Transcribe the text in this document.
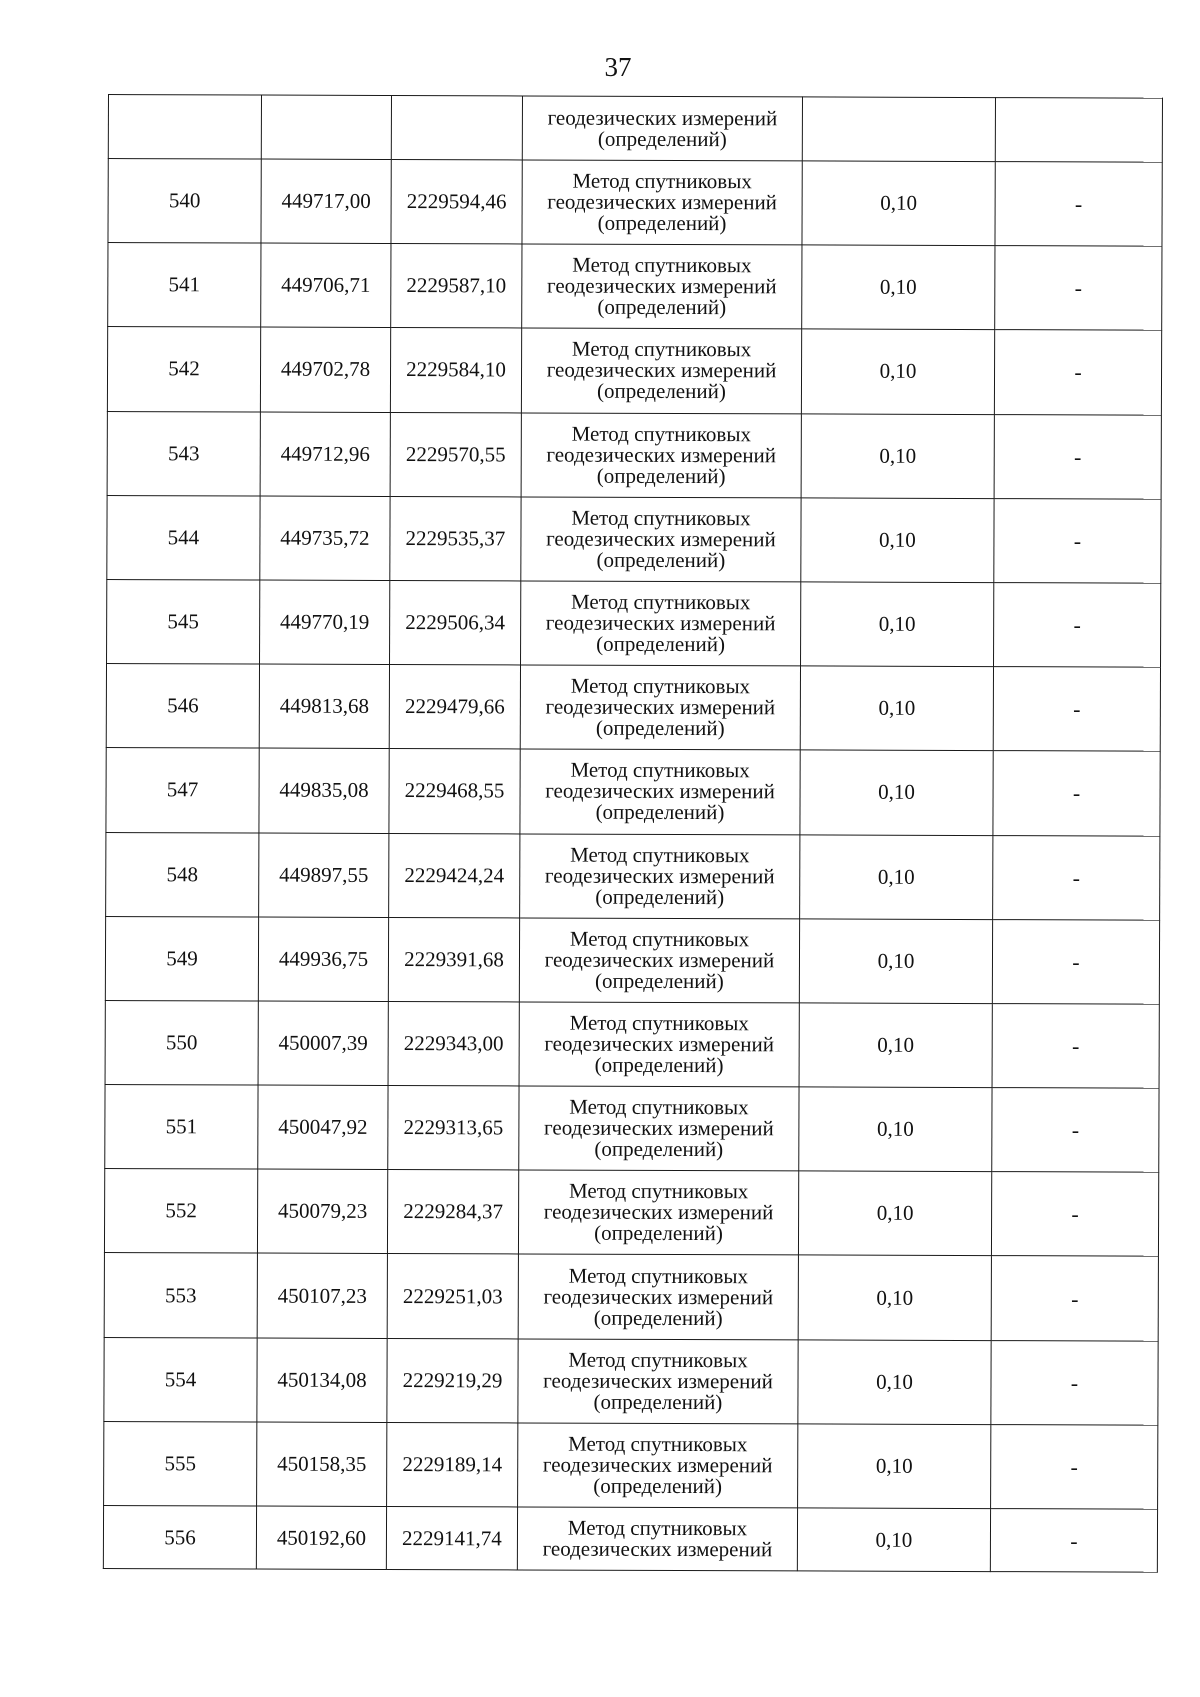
37

			геодезических измерений
(определений)		

540	449717,00	2229594,46	Метод спутниковых
геодезических измерений
(определений)	0,10	-
541	449706,71	2229587,10	Метод спутниковых
геодезических измерений
(определений)	0,10	-
542	449702,78	2229584,10	Метод спутниковых
геодезических измерений
(определений)	0,10	-
543	449712,96	2229570,55	Метод спутниковых
геодезических измерений
(определений)	0,10	-
544	449735,72	2229535,37	Метод спутниковых
геодезических измерений
(определений)	0,10	-
545	449770,19	2229506,34	Метод спутниковых
геодезических измерений
(определений)	0,10	-
546	449813,68	2229479,66	Метод спутниковых
геодезических измерений
(определений)	0,10	-
547	449835,08	2229468,55	Метод спутниковых
геодезических измерений
(определений)	0,10	-
548	449897,55	2229424,24	Метод спутниковых
геодезических измерений
(определений)	0,10	-
549	449936,75	2229391,68	Метод спутниковых
геодезических измерений
(определений)	0,10	-
550	450007,39	2229343,00	Метод спутниковых
геодезических измерений
(определений)	0,10	-
551	450047,92	2229313,65	Метод спутниковых
геодезических измерений
(определений)	0,10	-
552	450079,23	2229284,37	Метод спутниковых
геодезических измерений
(определений)	0,10	-
553	450107,23	2229251,03	Метод спутниковых
геодезических измерений
(определений)	0,10	-
554	450134,08	2229219,29	Метод спутниковых
геодезических измерений
(определений)	0,10	-
555	450158,35	2229189,14	Метод спутниковых
геодезических измерений
(определений)	0,10	-
556	450192,60	2229141,74	Метод спутниковых
геодезических измерений	0,10	-
